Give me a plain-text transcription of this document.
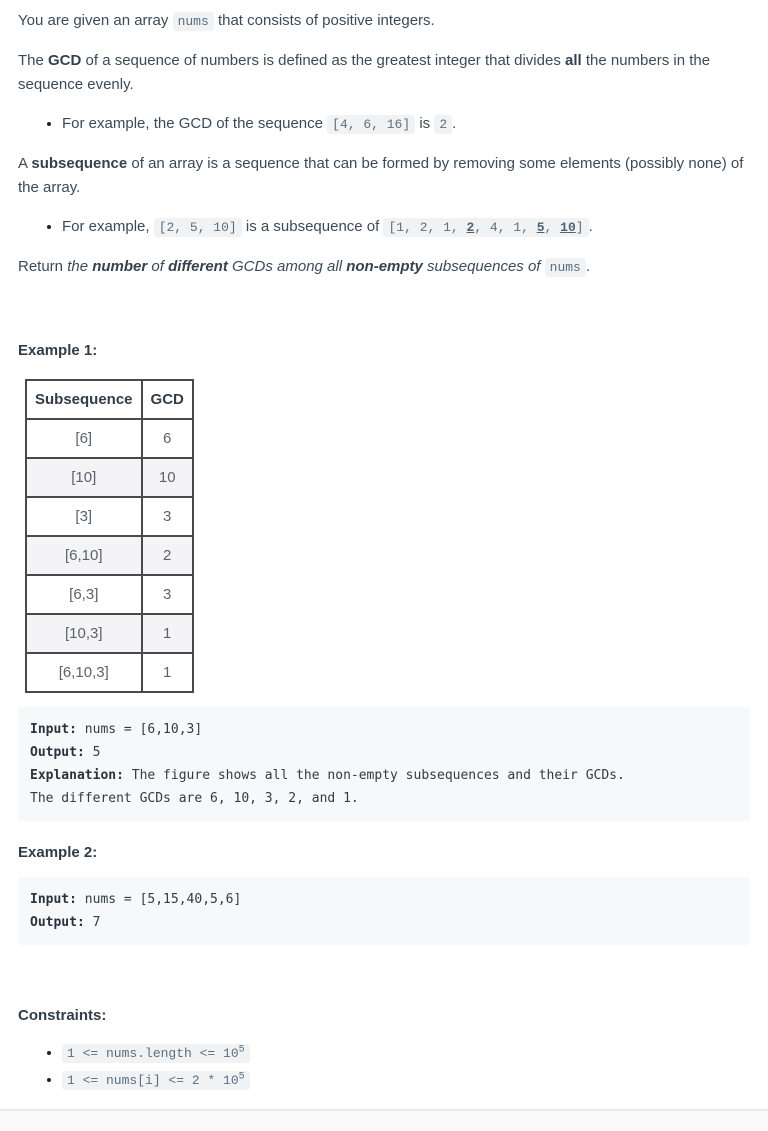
You are given an array nums that consists of positive integers.

The GCD of a sequence of numbers is defined as the greatest integer that divides all the numbers in the sequence evenly.

• For example, the GCD of the sequence [4, 6, 16] is 2 .

A subsequence of an array is a sequence that can be formed by removing some elements (possibly none) of the array.

• For example, [2, 5, 10] is a subsequence of [1, 2, 1, 2, 4, 1, 5, 10] .

Return the number of different GCDs among all non-empty subsequences of nums .

Example 1:

Subsequence	GCD
[6]	6
[10]	10
[3]	3
[6,10]	2
[6,3]	3
[10,3]	1
[6,10,3]	1
Input: nums = [6,10,3]
Output: 5
Explanation: The figure shows all the non-empty subsequences and their GCDs.
The different GCDs are 6, 10, 3, 2, and 1.

Example 2:

Input: nums = [5,15,40,5,6]
Output: 7

Constraints:

• 1 <= nums.length <= $10^5$
• 1 <= nums[i] <= $2 * 10^5$
